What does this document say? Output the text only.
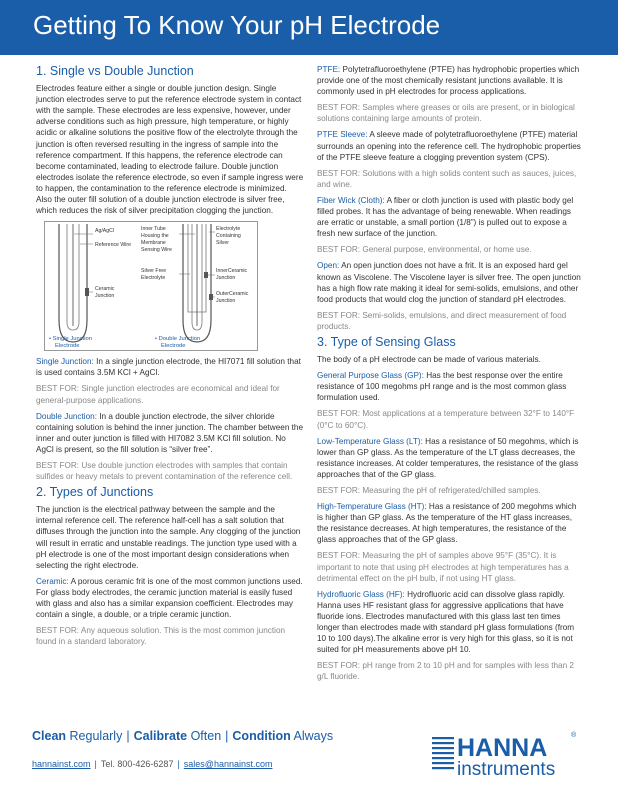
Getting To Know Your pH Electrode
1. Single vs Double Junction

Electrodes feature either a single or double junction design. Single junction electrodes serve to put the reference electrode system in contact with the sample. These electrodes are less expensive, however, under adverse conditions such as high pressure, high temperature, or highly acidic or alkaline solutions the positive flow of the electrolyte through the junction is often reversed resulting in the ingress of sample into the reference compartment. If this happens, the reference electrode can become contaminated, leading to electrode failure. Double junction electrodes isolate the reference electrode, so even if sample ingress were to happen, the contamination to the reference electrode is minimized. Also the outer fill solution of a double junction electrode is silver free, which reduces the risk of silver precipitation clogging the junction.

Ag/AgCl
Reference Wire
Ceramic
Junction
Inner Tube
Housing the
Membrane
Sensing Wire
Silver Free
Electrolyte
Electrolyte
Containing
Silver
InnerCeramic
Junction
OuterCeramic
Junction
• Single Junction
Electrode
• Double Junction
Electrode

Single Junction: In a single junction electrode, the HI7071 fill solution that is used contains 3.5M KCl + AgCl.

BEST FOR: Single junction electrodes are economical and ideal for general-purpose applications.

Double Junction: In a double junction electrode, the silver chloride containing solution is behind the inner junction. The chamber between the inner and outer junction is filled with HI7082 3.5M KCl fill solution. No AgCl is present, so the fill solution is “silver free”.

BEST FOR: Use double junction electrodes with samples that contain sulfides or heavy metals to prevent contamination of the reference cell.

2. Types of Junctions

The junction is the electrical pathway between the sample and the internal reference cell. The reference half-cell has a salt solution that diffuses through the junction into the sample. Any clogging of the junction will result in erratic and unstable readings. The junction type used with a pH electrode is one of the most important design considerations when selecting the right electrode.

Ceramic: A porous ceramic frit is one of the most common junctions used. For glass body electrodes, the ceramic junction material is easily fused with glass and also has a similar expansion coefficient. Electrodes may contain a single, a double, or a triple ceramic junction.

BEST FOR: Any aqueous solution. This is the most common junction found in a standard laboratory.

PTFE: Polytetrafluoroethylene (PTFE) has hydrophobic properties which provide one of the most chemically resistant junctions available. It is commonly used in pH electrodes for process applications.

BEST FOR: Samples where greases or oils are present, or in biological solutions containing large amounts of protein.

PTFE Sleeve: A sleeve made of polytetrafluoroethylene (PTFE) material surrounds an opening into the reference cell. The hydrophobic properties of the PTFE sleeve feature a clogging prevention system (CPS).

BEST FOR: Solutions with a high solids content such as sauces, juices, and wine.

Fiber Wick (Cloth): A fiber or cloth junction is used with plastic body gel filled probes. It has the advantage of being renewable. When readings are erratic or unstable, a small portion (1/8”) is pulled out to expose a fresh new surface of the junction.

BEST FOR: General purpose, environmental, or home use.

Open: An open junction does not have a frit. It is an exposed hard gel known as Viscolene. The Viscolene layer is silver free. The open junction has a high flow rate making it ideal for semi-solids, emulsions, and other food products that would clog the junction of standard pH electrodes.

BEST FOR: Semi-solids, emulsions, and direct measurement of food products.

3. Type of Sensing Glass

The body of a pH electrode can be made of various materials.

General Purpose Glass (GP): Has the best response over the entire resistance of 100 megohms pH range and is the most common glass formulation used.

BEST FOR: Most applications at a temperature between 32°F to 140°F (0°C to 60°C).

Low-Temperature Glass (LT): Has a resistance of 50 megohms, which is lower than GP glass. As the temperature of the LT glass decreases, the resistance increases. At colder temperatures, the resistance of the glass approaches that of the GP glass.

BEST FOR: Measuring the pH of refrigerated/chilled samples.

High-Temperature Glass (HT): Has a resistance of 200 megohms which is higher than GP glass. As the temperature of the HT glass increases, the resistance decreases. At high temperatures, the resistance of the glass approaches that of the GP glass.

BEST FOR: Measuring the pH of samples above 95°F (35°C). It is important to note that using pH electrodes at high temperatures has a detrimental effect on the pH bulb, if not using HT glass.

Hydrofluoric Glass (HF): Hydrofluoric acid can dissolve glass rapidly. Hanna uses HF resistant glass for aggressive applications that have fluoride ions. Electrodes manufactured with this glass last ten times longer than electrodes made with standard pH glass formulations (from 10 to 100 days).The alkaline error is very high for this glass, so it is not suited for pH measurements above pH 10.

BEST FOR: pH range from 2 to 10 pH and for samples with less than 2 g/L fluoride.

Clean Regularly | Calibrate Often | Condition Always
hannainst.com | Tel. 800-426-6287 | sales@hannainst.com
HANNA	®
instruments
